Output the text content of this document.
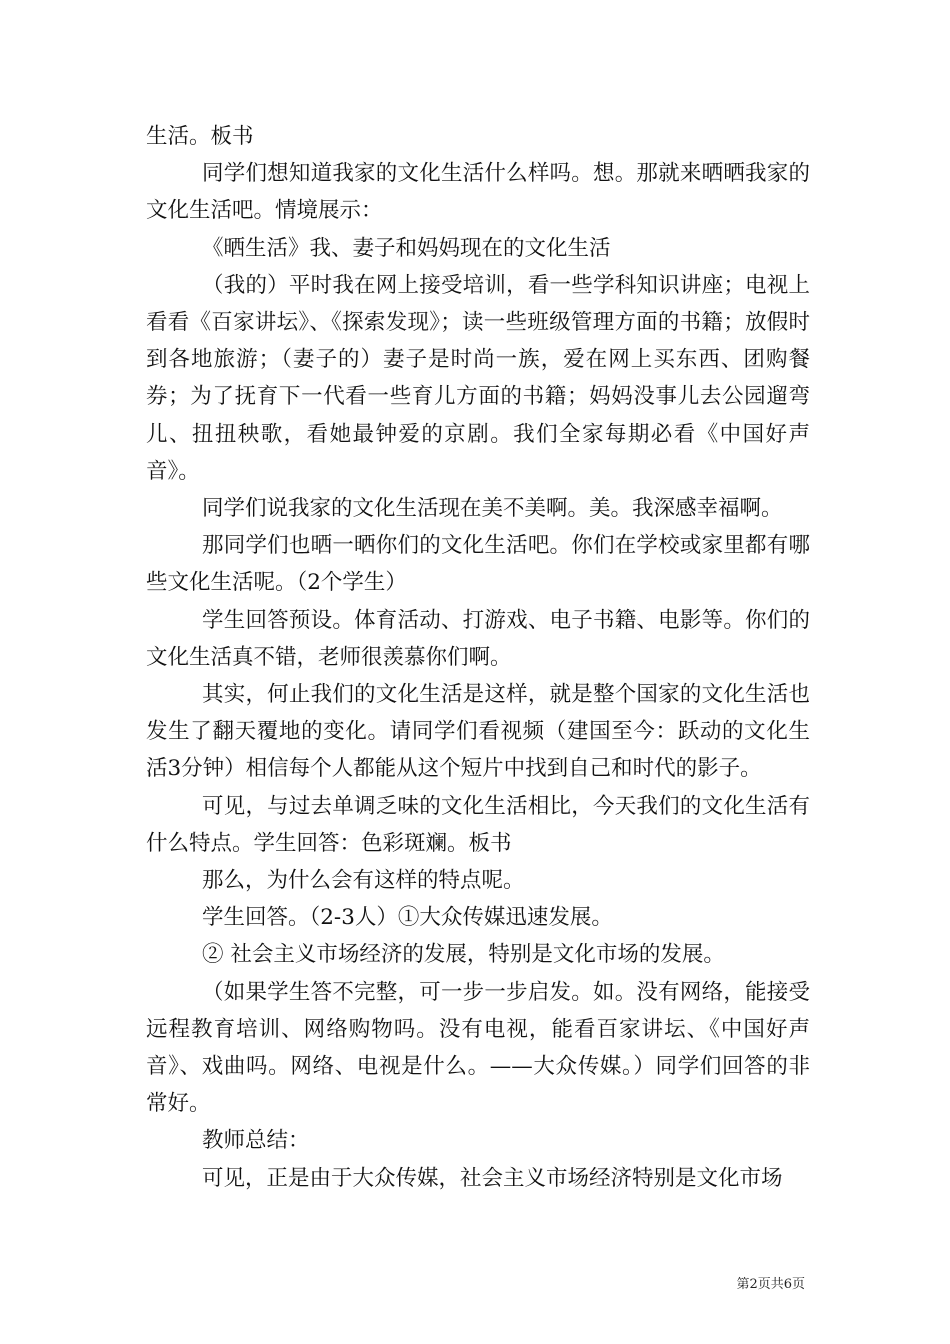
生活。板书

同学们想知道我家的文化生活什么样吗。想。那就来晒晒我家的文化生活吧。情境展示：

《晒生活》我、妻子和妈妈现在的文化生活

（我的）平时我在网上接受培训，看一些学科知识讲座；电视上看看《百家讲坛》、《探索发现》；读一些班级管理方面的书籍；放假时到各地旅游；（妻子的）妻子是时尚一族，爱在网上买东西、团购餐券；为了抚育下一代看一些育儿方面的书籍；妈妈没事儿去公园遛弯儿、扭扭秧歌，看她最钟爱的京剧。我们全家每期必看《中国好声音》。

同学们说我家的文化生活现在美不美啊。美。我深感幸福啊。

那同学们也晒一晒你们的文化生活吧。你们在学校或家里都有哪些文化生活呢。（2个学生）

学生回答预设。体育活动、打游戏、电子书籍、电影等。你们的文化生活真不错，老师很羡慕你们啊。

其实，何止我们的文化生活是这样，就是整个国家的文化生活也发生了翻天覆地的变化。请同学们看视频（建国至今：跃动的文化生活3分钟）相信每个人都能从这个短片中找到自己和时代的影子。

可见，与过去单调乏味的文化生活相比，今天我们的文化生活有什么特点。学生回答：色彩斑斓。板书

那么，为什么会有这样的特点呢。

学生回答。（2-3人）①大众传媒迅速发展。

② 社会主义市场经济的发展，特别是文化市场的发展。

（如果学生答不完整，可一步一步启发。如。没有网络，能接受远程教育培训、网络购物吗。没有电视，能看百家讲坛、《中国好声音》、戏曲吗。网络、电视是什么。——大众传媒。）同学们回答的非常好。

教师总结：

可见，正是由于大众传媒，社会主义市场经济特别是文化市场

第2页共6页
